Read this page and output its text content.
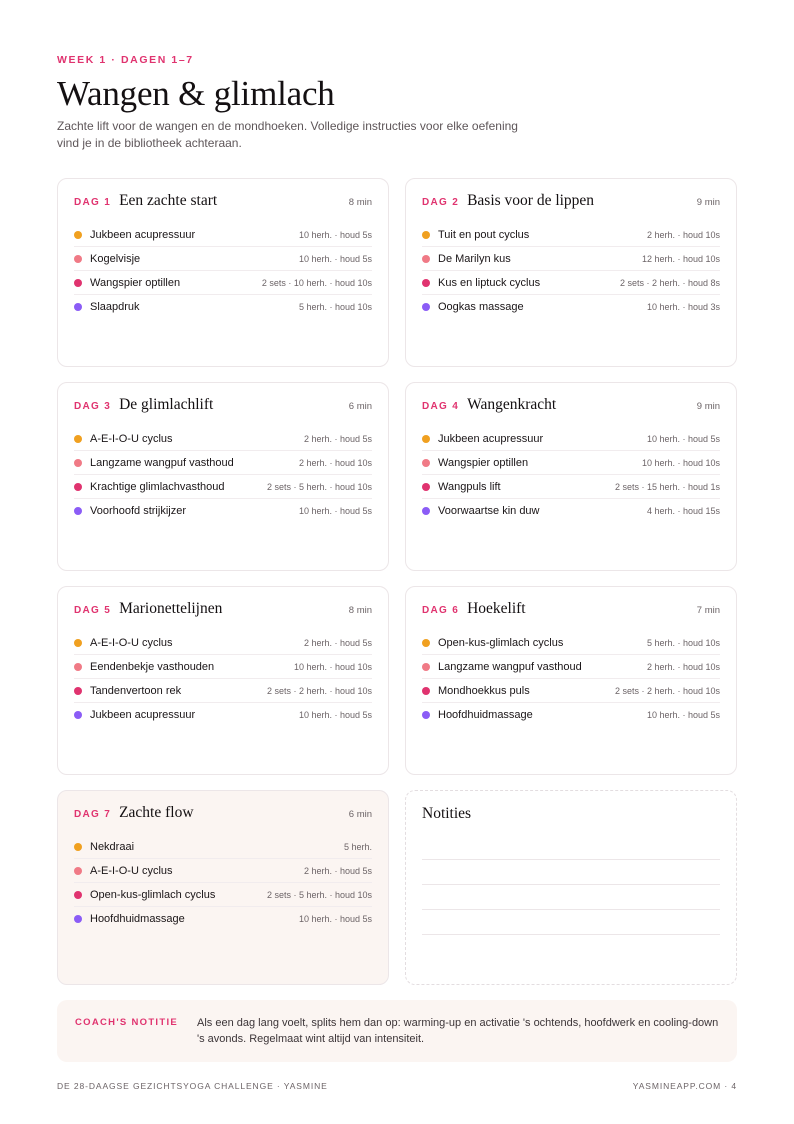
WEEK 1 · DAGEN 1–7
Wangen & glimlach

Zachte lift voor de wangen en de mondhoeken. Volledige instructies voor elke oefening vind je in de bibliotheek achteraan.

DAG 1 Een zachte start	8 min
Jukbeen acupressuur	10 herh. · houd 5s
Kogelvisje	10 herh. · houd 5s
Wangspier optillen	2 sets · 10 herh. · houd 10s
Slaapdruk	5 herh. · houd 10s
DAG 2 Basis voor de lippen	9 min
Tuit en pout cyclus	2 herh. · houd 10s
De Marilyn kus	12 herh. · houd 10s
Kus en liptuck cyclus	2 sets · 2 herh. · houd 8s
Oogkas massage	10 herh. · houd 3s
DAG 3 De glimlachlift	6 min
A-E-I-O-U cyclus	2 herh. · houd 5s
Langzame wangpuf vasthoud	2 herh. · houd 10s
Krachtige glimlachvasthoud	2 sets · 5 herh. · houd 10s
Voorhoofd strijkijzer	10 herh. · houd 5s
DAG 4 Wangenkracht	9 min
Jukbeen acupressuur	10 herh. · houd 5s
Wangspier optillen	10 herh. · houd 10s
Wangpuls lift	2 sets · 15 herh. · houd 1s
Voorwaartse kin duw	4 herh. · houd 15s
DAG 5 Marionettelijnen	8 min
A-E-I-O-U cyclus	2 herh. · houd 5s
Eendenbekje vasthouden	10 herh. · houd 10s
Tandenvertoon rek	2 sets · 2 herh. · houd 10s
Jukbeen acupressuur	10 herh. · houd 5s
DAG 6 Hoekelift	7 min
Open-kus-glimlach cyclus	5 herh. · houd 10s
Langzame wangpuf vasthoud	2 herh. · houd 10s
Mondhoekkus puls	2 sets · 2 herh. · houd 10s
Hoofdhuidmassage	10 herh. · houd 5s
DAG 7 Zachte flow	6 min
Nekdraai	5 herh.
A-E-I-O-U cyclus	2 herh. · houd 5s
Open-kus-glimlach cyclus	2 sets · 5 herh. · houd 10s
Hoofdhuidmassage	10 herh. · houd 5s
Notities
COACH'S NOTITIE	Als een dag lang voelt, splits hem dan op: warming-up en activatie 's ochtends, hoofdwerk en cooling-down 's avonds. Regelmaat wint altijd van intensiteit.
DE 28-DAAGSE GEZICHTSYOGA CHALLENGE · YASMINE	YASMINEAPP.COM · 4
